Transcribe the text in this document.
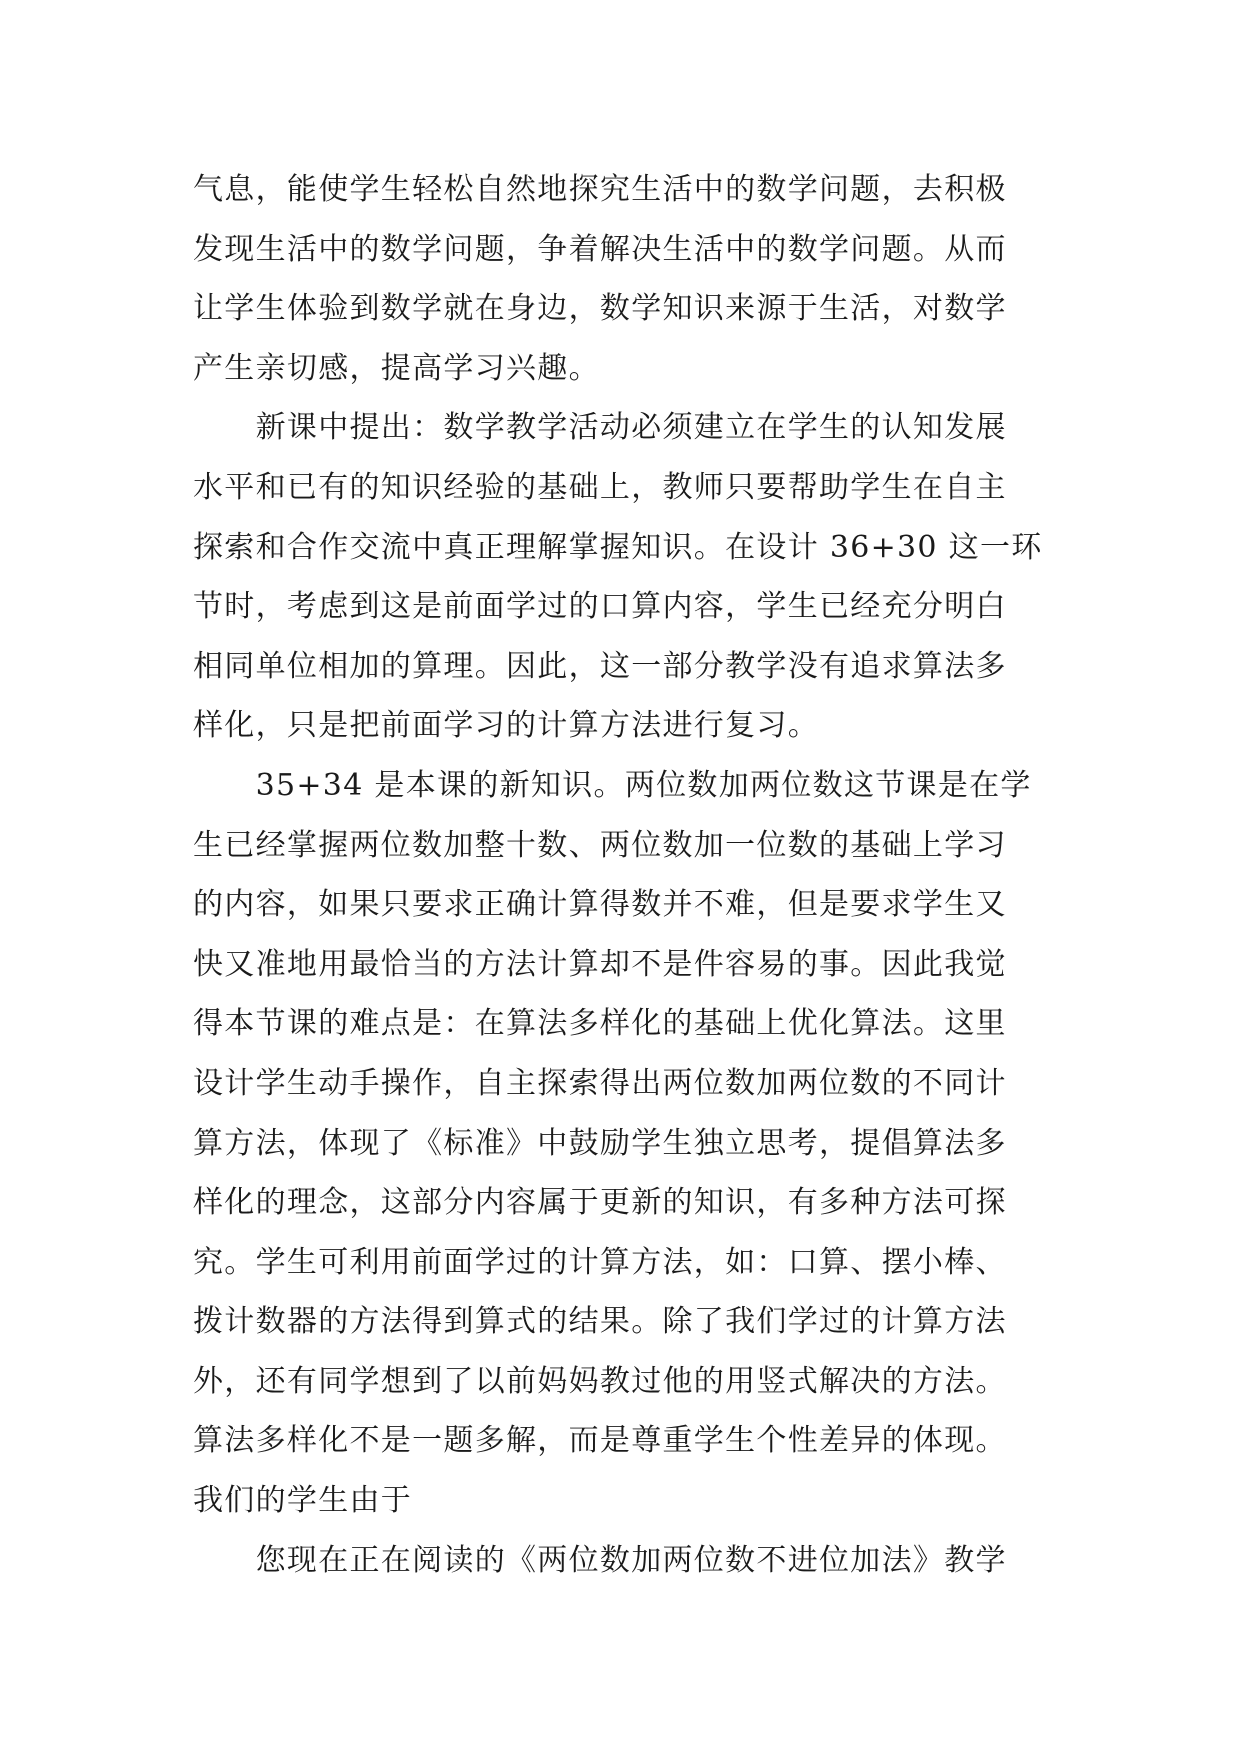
气息，能使学生轻松自然地探究生活中的数学问题，去积极
发现生活中的数学问题，争着解决生活中的数学问题。从而
让学生体验到数学就在身边，数学知识来源于生活，对数学
产生亲切感，提高学习兴趣。
　　新课中提出：数学教学活动必须建立在学生的认知发展
水平和已有的知识经验的基础上，教师只要帮助学生在自主
探索和合作交流中真正理解掌握知识。在设计 36+30 这一环
节时，考虑到这是前面学过的口算内容，学生已经充分明白
相同单位相加的算理。因此，这一部分教学没有追求算法多
样化，只是把前面学习的计算方法进行复习。
　　35+34 是本课的新知识。两位数加两位数这节课是在学
生已经掌握两位数加整十数、两位数加一位数的基础上学习
的内容，如果只要求正确计算得数并不难，但是要求学生又
快又准地用最恰当的方法计算却不是件容易的事。因此我觉
得本节课的难点是：在算法多样化的基础上优化算法。这里
设计学生动手操作，自主探索得出两位数加两位数的不同计
算方法，体现了《标准》中鼓励学生独立思考，提倡算法多
样化的理念，这部分内容属于更新的知识，有多种方法可探
究。学生可利用前面学过的计算方法，如：口算、摆小棒、
拨计数器的方法得到算式的结果。除了我们学过的计算方法
外，还有同学想到了以前妈妈教过他的用竖式解决的方法。
算法多样化不是一题多解，而是尊重学生个性差异的体现。
我们的学生由于
　　您现在正在阅读的《两位数加两位数不进位加法》教学
